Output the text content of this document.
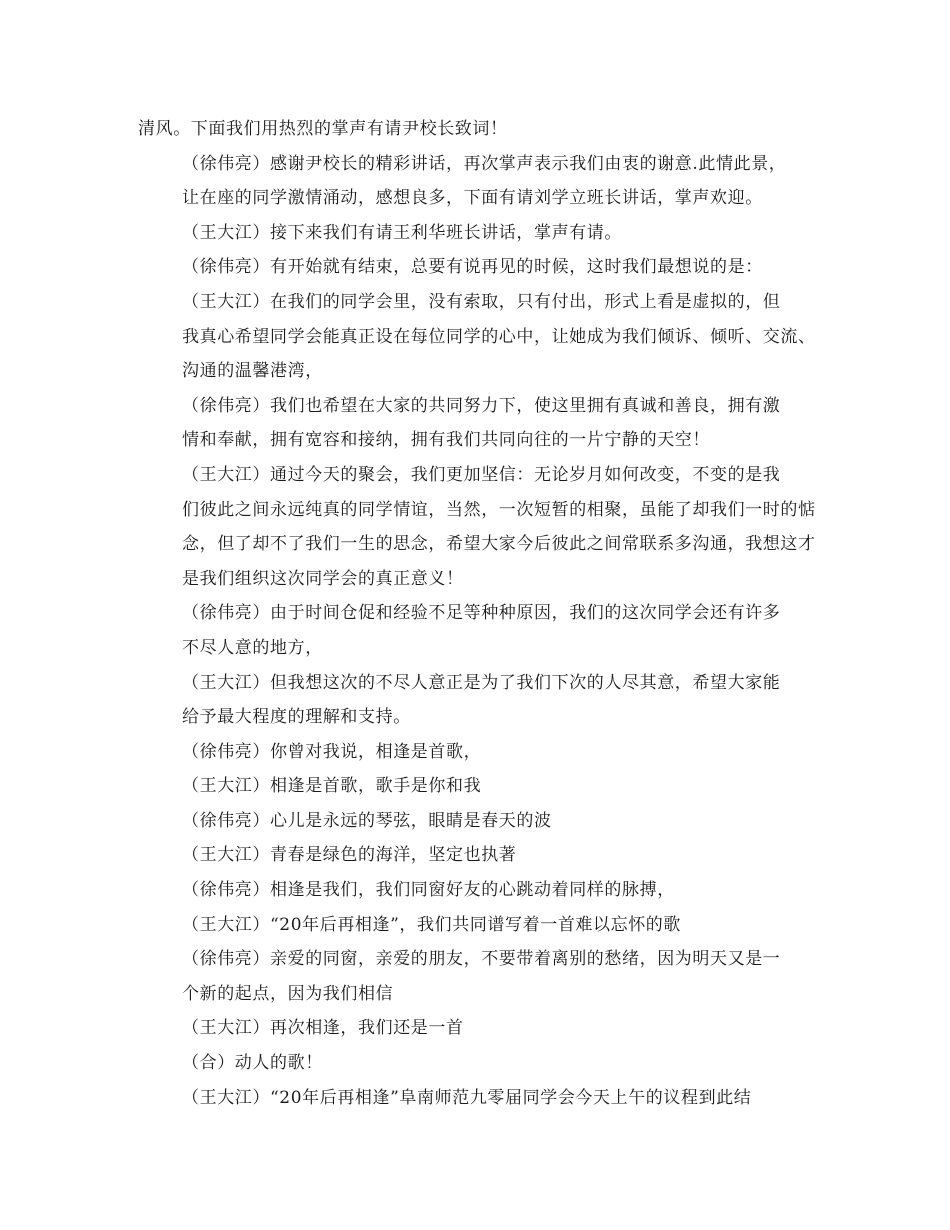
清风。下面我们用热烈的掌声有请尹校长致词！

（徐伟亮）感谢尹校长的精彩讲话，再次掌声表示我们由衷的谢意.此情此景，
让在座的同学激情涌动，感想良多，下面有请刘学立班长讲话，掌声欢迎。

（王大江）接下来我们有请王利华班长讲话，掌声有请。

（徐伟亮）有开始就有结束，总要有说再见的时候，这时我们最想说的是：

（王大江）在我们的同学会里，没有索取，只有付出，形式上看是虚拟的，但
我真心希望同学会能真正设在每位同学的心中，让她成为我们倾诉、倾听、交流、
沟通的温馨港湾，

（徐伟亮）我们也希望在大家的共同努力下，使这里拥有真诚和善良，拥有激
情和奉献，拥有宽容和接纳，拥有我们共同向往的一片宁静的天空！

（王大江）通过今天的聚会，我们更加坚信：无论岁月如何改变，不变的是我
们彼此之间永远纯真的同学情谊，当然，一次短暂的相聚，虽能了却我们一时的惦
念，但了却不了我们一生的思念，希望大家今后彼此之间常联系多沟通，我想这才
是我们组织这次同学会的真正意义！

（徐伟亮）由于时间仓促和经验不足等种种原因，我们的这次同学会还有许多
不尽人意的地方，

（王大江）但我想这次的不尽人意正是为了我们下次的人尽其意，希望大家能
给予最大程度的理解和支持。

（徐伟亮）你曾对我说，相逢是首歌，

（王大江）相逢是首歌，歌手是你和我

（徐伟亮）心儿是永远的琴弦，眼睛是春天的波

（王大江）青春是绿色的海洋，坚定也执著

（徐伟亮）相逢是我们，我们同窗好友的心跳动着同样的脉搏，

（王大江）“20年后再相逢”，我们共同谱写着一首难以忘怀的歌

（徐伟亮）亲爱的同窗，亲爱的朋友，不要带着离别的愁绪，因为明天又是一
个新的起点，因为我们相信

（王大江）再次相逢，我们还是一首

（合）动人的歌！

（王大江）“20年后再相逢”阜南师范九零届同学会今天上午的议程到此结
